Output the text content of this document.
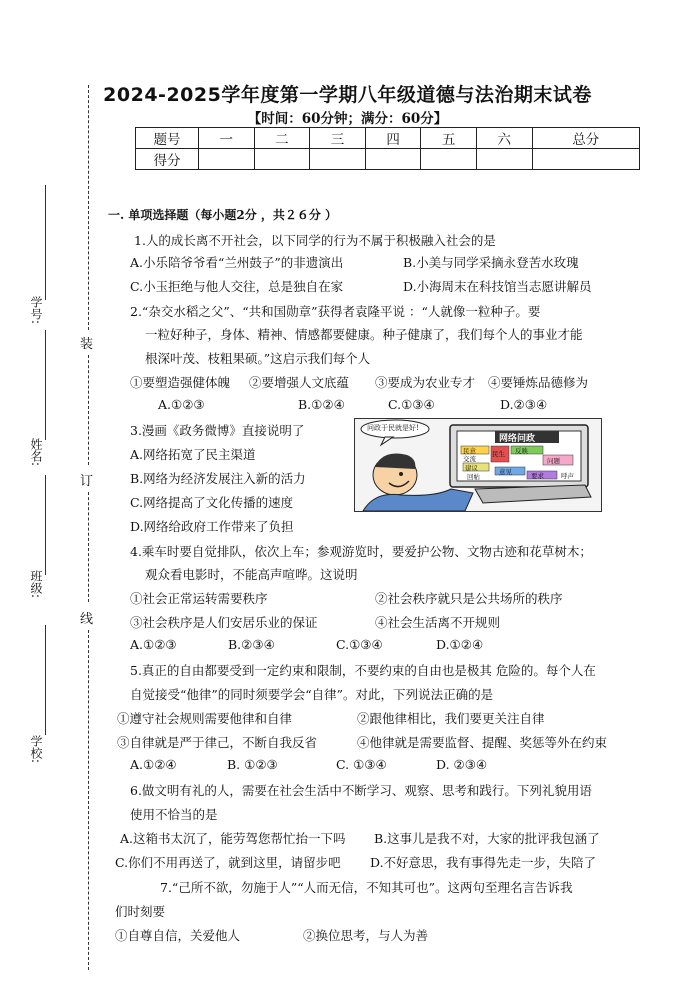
装
订
线
学号:
姓名:
班级:
学校:
2024-2025学年度第一学期八年级道德与法治期末试卷
【时间：60分钟；满分：60分】
题号	一	二	三	四	五	六	总分
得分							
一. 单项选择题（每小题2分 ，共２６分 ）
1.人的成长离不开社会，以下同学的行为不属于积极融入社会的是
A.小乐陪爷爷看“兰州鼓子”的非遗演出	B.小美与同学采摘永登苦水玫瑰
C.小玉拒绝与他人交往，总是独自在家	D.小海周末在科技馆当志愿讲解员
2.“杂交水稻之父”、“共和国勋章”获得者袁隆平说 ：“人就像一粒种子。要
一粒好种子，身体、精神、情感都要健康。种子健康了，我们每个人的事业才能
根深叶茂、枝粗果硕。”这启示我们每个人
①要塑造强健体魄 ②要增强人文底蕴 ③要成为农业专才 ④要锤炼品德修为
A.①②③	B.①②④	C.①③④	D.②③④
3.漫画《政务微博》直接说明了
A.网络拓宽了民主渠道
B.网络为经济发展注入新的活力
C.网络提高了文化传播的速度
D.网络给政府工作带来了负担
问政于民就是好!
网络问政
民意
交流
民生 反映
问题
建议	意见	要求
回帖	呼声
4.乘车时要自觉排队，依次上车；参观游览时，要爱护公物、文物古迹和花草树木；
观众看电影时，不能高声喧哗。这说明
①社会正常运转需要秩序	②社会秩序就只是公共场所的秩序
③社会秩序是人们安居乐业的保证	④社会生活离不开规则
A.①②③	B.②③④	C.①③④	D.①②④
5.真正的自由都要受到一定约束和限制，不要约束的自由也是极其 危险的。每个人在
自觉接受“他律”的同时须要学会“自律”。对此，下列说法正确的是
①遵守社会规则需要他律和自律	②跟他律相比，我们要更关注自律
③自律就是严于律己，不断自我反省	④他律就是需要监督、提醒、奖惩等外在约束
A.①②④	B. ①②③	C. ①③④	D. ②③④
6.做文明有礼的人，需要在社会生活中不断学习、观察、思考和践行。下列礼貌用语
使用不恰当的是
A.这箱书太沉了，能劳驾您帮忙抬一下吗 B.这事儿是我不对，大家的批评我包涵了
C.你们不用再送了，就到这里，请留步吧 D.不好意思，我有事得先走一步，失陪了
7.“己所不欲，勿施于人”“人而无信，不知其可也”。这两句至理名言告诉我
们时刻要
①自尊自信，关爱他人	②换位思考，与人为善
